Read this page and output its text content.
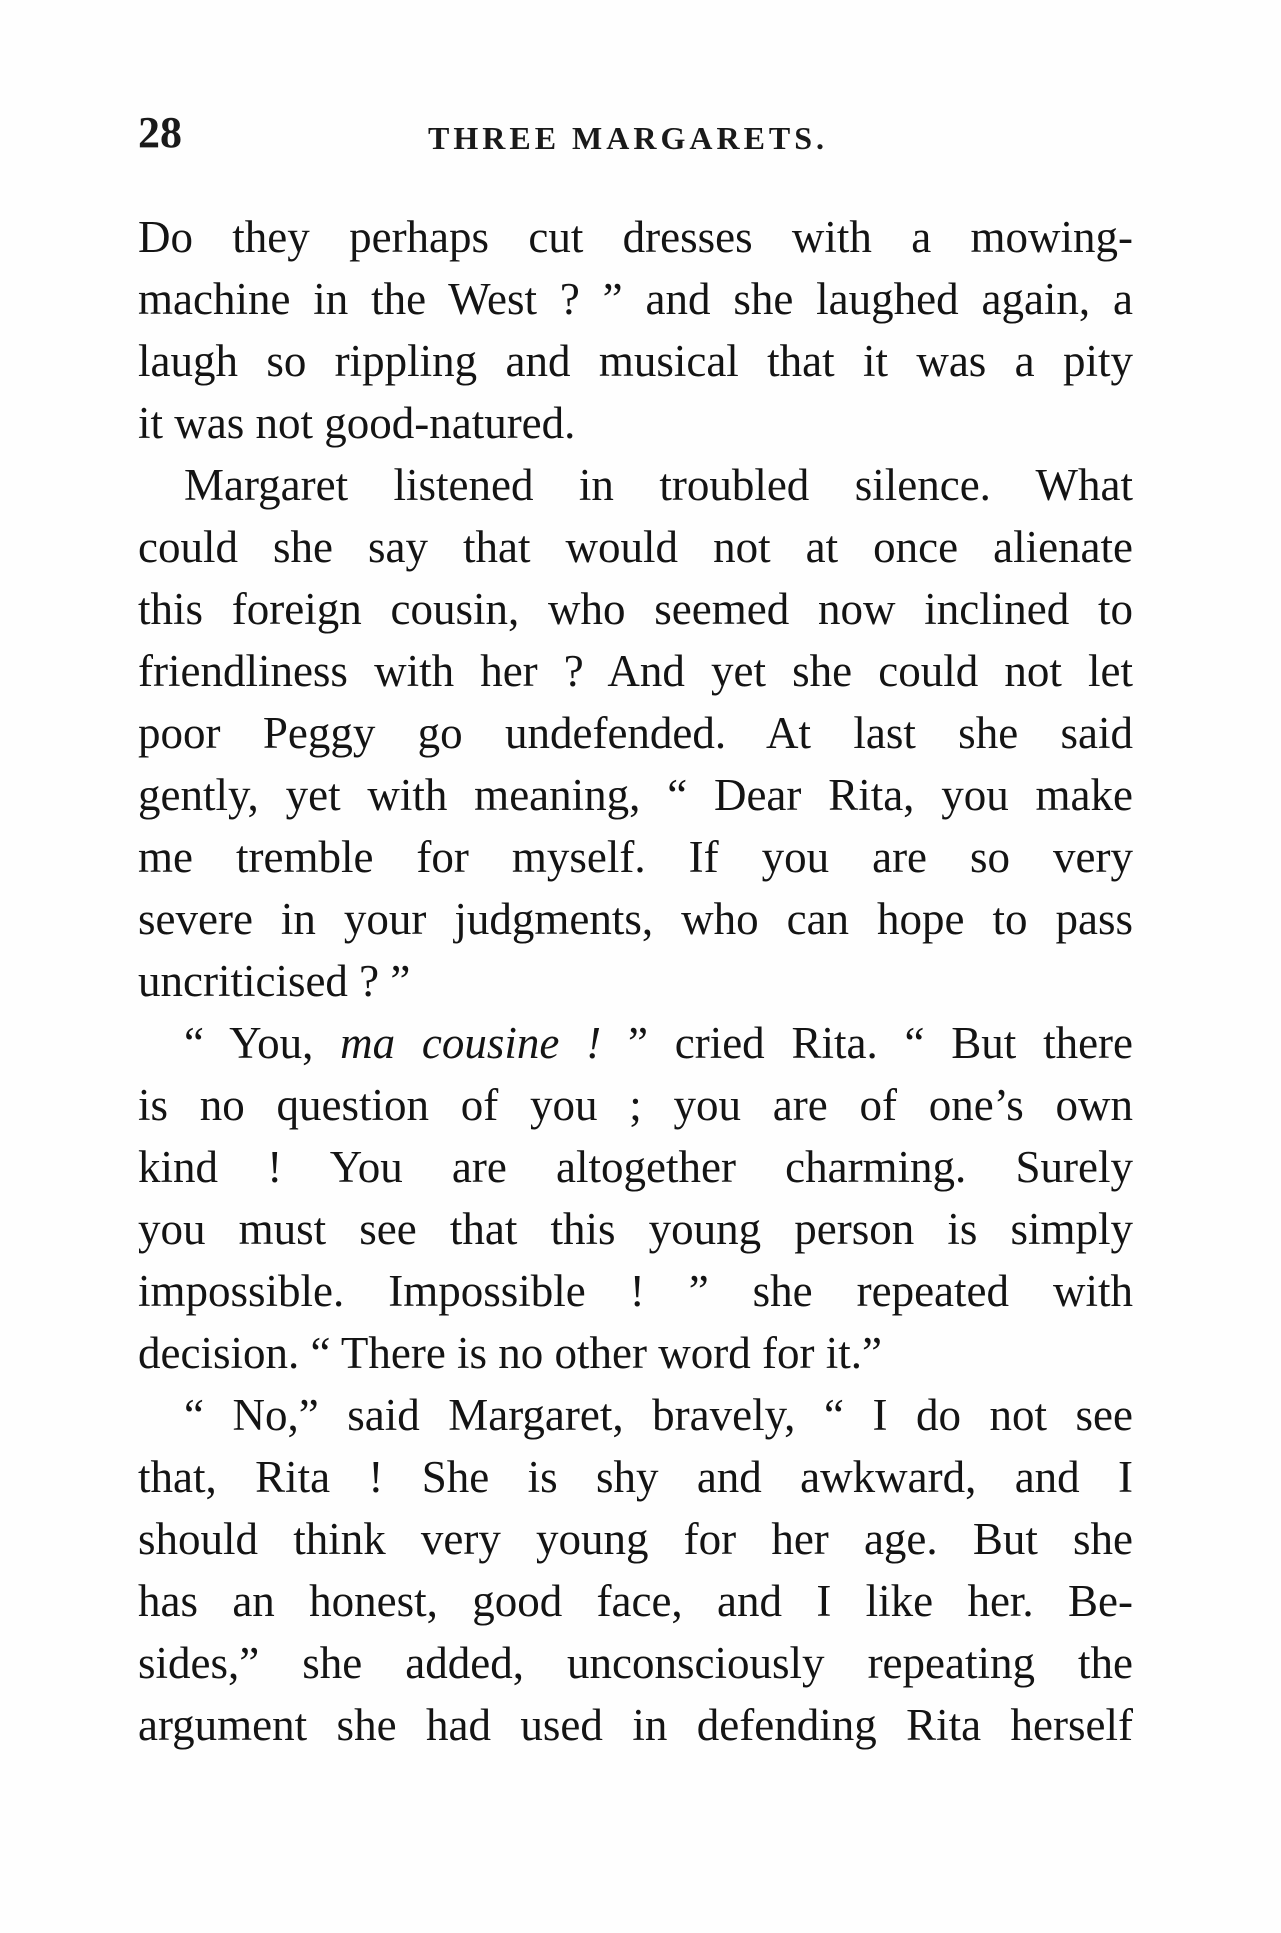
28	THREE MARGARETS.
Do they perhaps cut dresses with a mowing-
machine in the West ? ” and she laughed again, a
laugh so rippling and musical that it was a pity
it was not good-natured.
Margaret listened in troubled silence. What
could she say that would not at once alienate
this foreign cousin, who seemed now inclined to
friendliness with her ? And yet she could not let
poor Peggy go undefended. At last she said
gently, yet with meaning, “ Dear Rita, you make
me tremble for myself. If you are so very
severe in your judgments, who can hope to pass
uncriticised ? ”
“ You, ma cousine ! ” cried Rita. “ But there
is no question of you ; you are of one’s own
kind ! You are altogether charming. Surely
you must see that this young person is simply
impossible. Impossible ! ” she repeated with
decision. “ There is no other word for it.”
“ No,” said Margaret, bravely, “ I do not see
that, Rita ! She is shy and awkward, and I
should think very young for her age. But she
has an honest, good face, and I like her. Be-
sides,” she added, unconsciously repeating the
argument she had used in defending Rita herself
